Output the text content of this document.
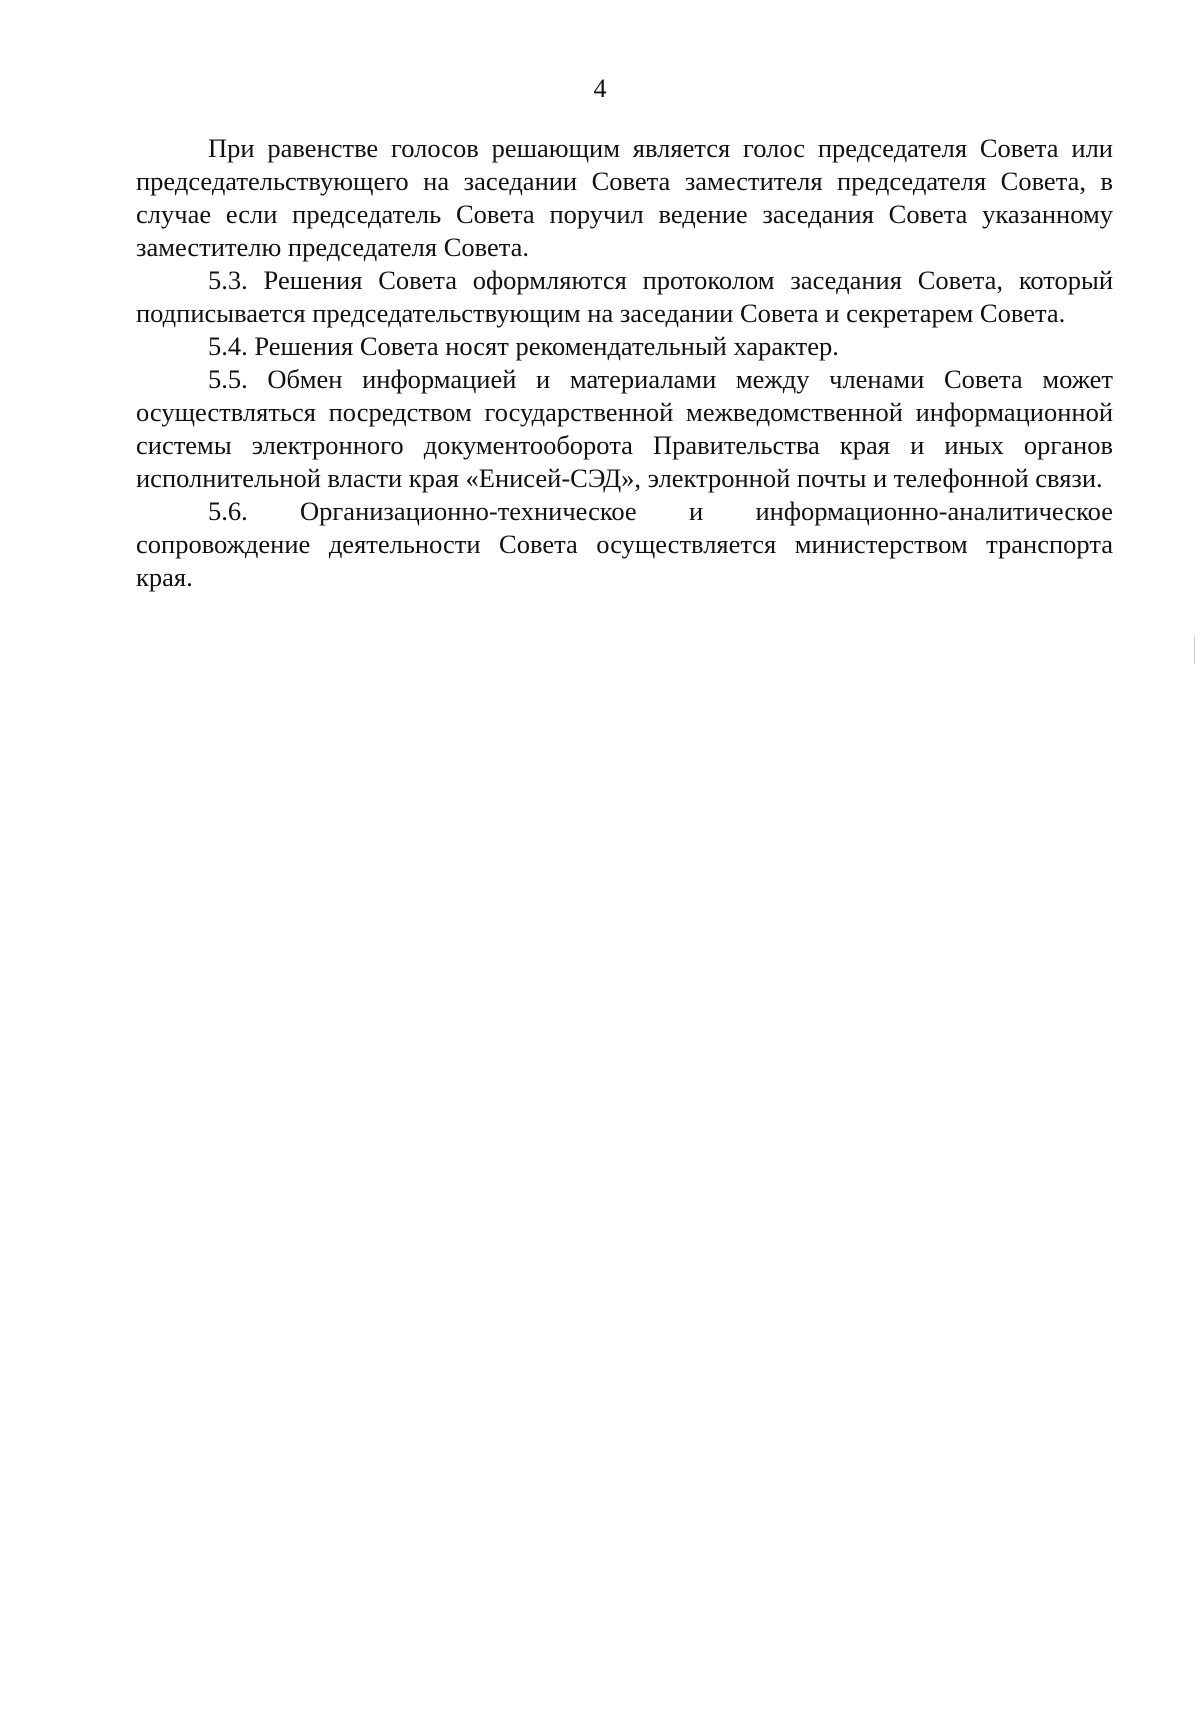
4

При равенстве голосов решающим является голос председателя Совета или председательствующего на заседании Совета заместителя председателя Совета, в случае если председатель Совета поручил ведение заседания Совета указанному заместителю председателя Совета.

5.3. Решения Совета оформляются протоколом заседания Совета, который подписывается председательствующим на заседании Совета и секретарем Совета.

5.4. Решения Совета носят рекомендательный характер.

5.5. Обмен информацией и материалами между членами Совета может осуществляться посредством государственной межведомственной информационной системы электронного документооборота Правительства края и иных органов исполнительной власти края «Енисей-СЭД», электронной почты и телефонной связи.

5.6. Организационно-техническое и информационно-аналитическое сопровождение деятельности Совета осуществляется министерством транспорта края.
